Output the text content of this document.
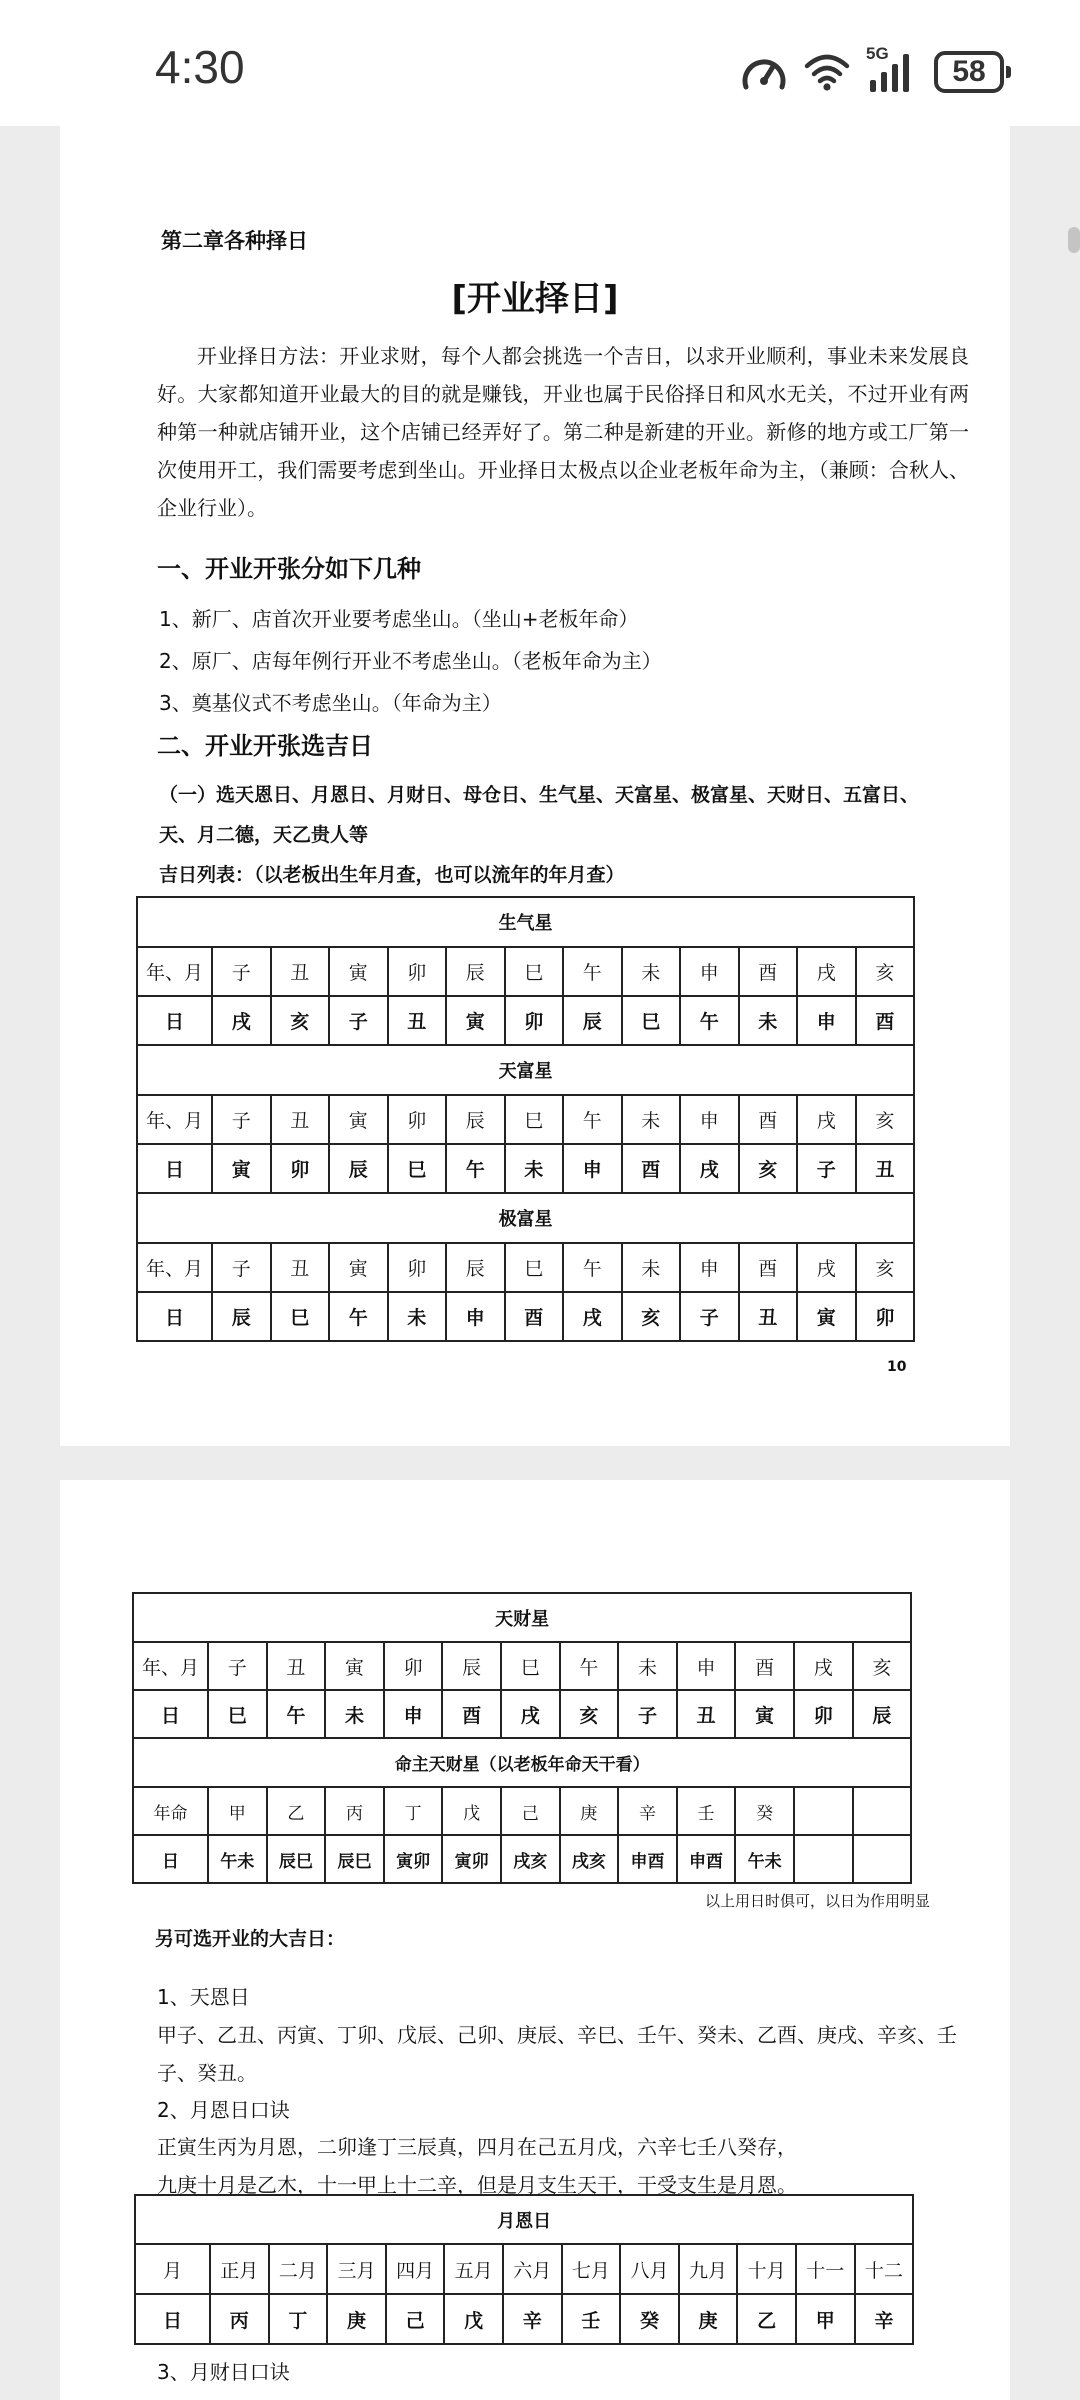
4:30	5G
58
第二章各种择日
[开业择日]
开业择日方法：开业求财，每个人都会挑选一个吉日，以求开业顺利，事业未来发展良好。大家都知道开业最大的目的就是赚钱，开业也属于民俗择日和风水无关，不过开业有两种第一种就店铺开业，这个店铺已经弄好了。第二种是新建的开业。新修的地方或工厂第一次使用开工，我们需要考虑到坐山。开业择日太极点以企业老板年命为主，（兼顾：合秋人、企业行业）。
一、开业开张分如下几种
1、新厂、店首次开业要考虑坐山。（坐山+老板年命）
2、原厂、店每年例行开业不考虑坐山。（老板年命为主）
3、奠基仪式不考虑坐山。（年命为主）
二、开业开张选吉日
（一）选天恩日、月恩日、月财日、母仓日、生气星、天富星、极富星、天财日、五富日、
天、月二德，天乙贵人等
吉日列表：（以老板出生年月查，也可以流年的年月查）
生气星												
年、月	子	丑	寅	卯	辰	巳	午	未	申	酉	戌	亥
日	戌	亥	子	丑	寅	卯	辰	巳	午	未	申	酉
天富星												
年、月	子	丑	寅	卯	辰	巳	午	未	申	酉	戌	亥
日	寅	卯	辰	巳	午	未	申	酉	戌	亥	子	丑
极富星												
年、月	子	丑	寅	卯	辰	巳	午	未	申	酉	戌	亥
日	辰	巳	午	未	申	酉	戌	亥	子	丑	寅	卯
10
天财星												
年、月	子	丑	寅	卯	辰	巳	午	未	申	酉	戌	亥
日	巳	午	未	申	酉	戌	亥	子	丑	寅	卯	辰
命主天财星（以老板年命天干看）												
年命	甲	乙	丙	丁	戊	己	庚	辛	壬	癸		
日	午未	辰巳	辰巳	寅卯	寅卯	戌亥	戌亥	申酉	申酉	午未		
以上用日时俱可，以日为作用明显
另可选开业的大吉日：
1、天恩日
甲子、乙丑、丙寅、丁卯、戊辰、己卯、庚辰、辛巳、壬午、癸未、乙酉、庚戌、辛亥、壬
子、癸丑。
2、月恩日口诀
正寅生丙为月恩，二卯逢丁三辰真，四月在己五月戊，六辛七壬八癸存，
九庚十月是乙木，十一甲上十二辛，但是月支生天干，干受支生是月恩。
月恩日												
月	正月	二月	三月	四月	五月	六月	七月	八月	九月	十月	十一	十二
日	丙	丁	庚	己	戊	辛	壬	癸	庚	乙	甲	辛
3、月财日口诀
